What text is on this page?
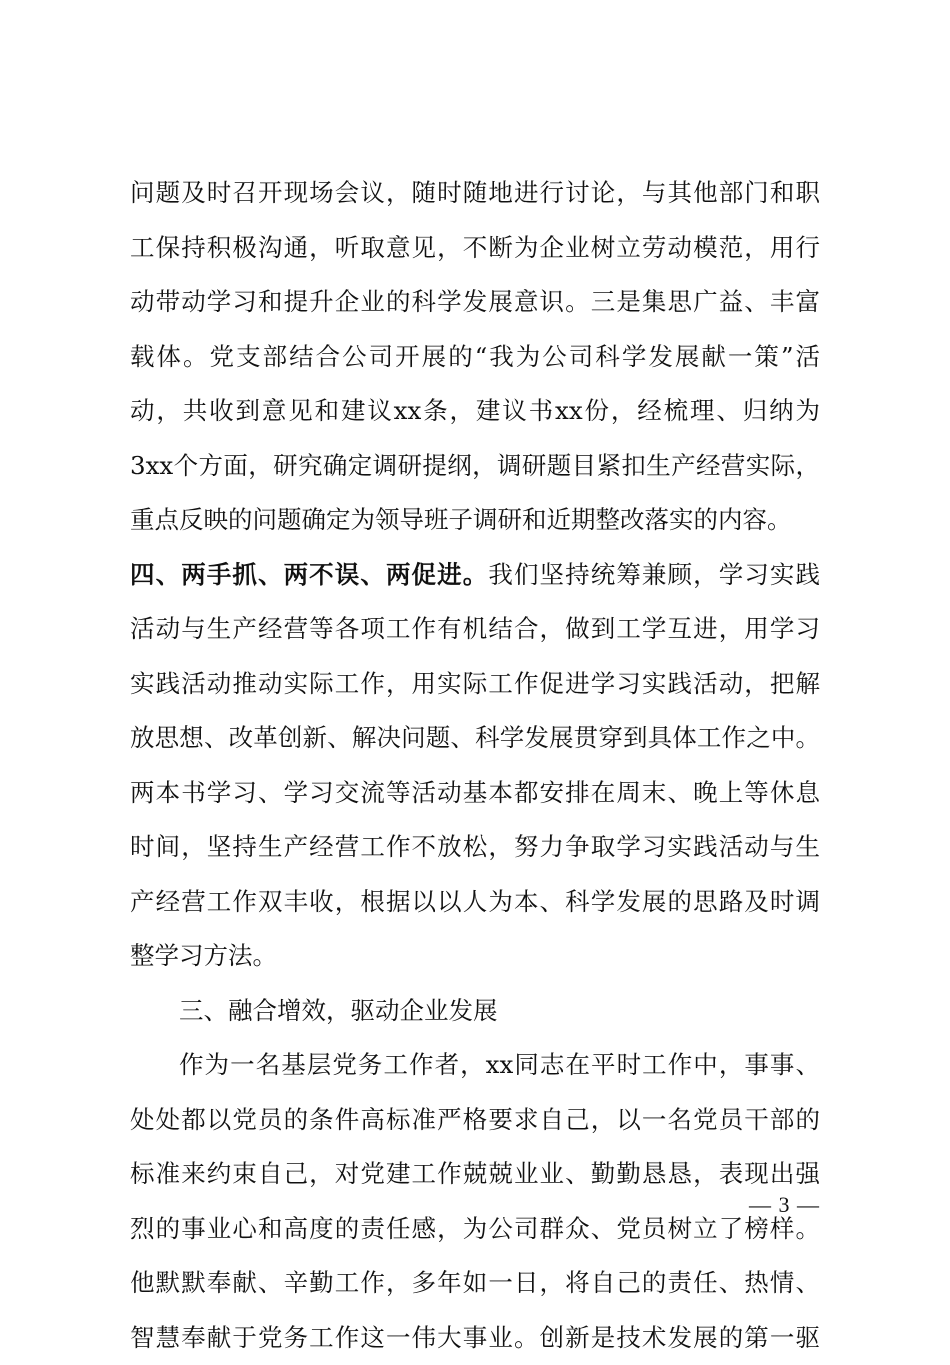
问题及时召开现场会议，随时随地进行讨论，与其他部门和职
工保持积极沟通，听取意见，不断为企业树立劳动模范，用行
动带动学习和提升企业的科学发展意识。三是集思广益、丰富
载体。党支部结合公司开展的“我为公司科学发展献一策”活
动，共收到意见和建议xx条，建议书xx份，经梳理、归纳为
3xx个方面，研究确定调研提纲，调研题目紧扣生产经营实际，
重点反映的问题确定为领导班子调研和近期整改落实的内容。
四、两手抓、两不误、两促进。我们坚持统筹兼顾，学习实践
活动与生产经营等各项工作有机结合，做到工学互进，用学习
实践活动推动实际工作，用实际工作促进学习实践活动，把解
放思想、改革创新、解决问题、科学发展贯穿到具体工作之中。
两本书学习、学习交流等活动基本都安排在周末、晚上等休息
时间，坚持生产经营工作不放松，努力争取学习实践活动与生
产经营工作双丰收，根据以以人为本、科学发展的思路及时调
整学习方法。
三、融合增效，驱动企业发展
作为一名基层党务工作者，xx同志在平时工作中，事事、
处处都以党员的条件高标准严格要求自己，以一名党员干部的
标准来约束自己，对党建工作兢兢业业、勤勤恳恳，表现出强
烈的事业心和高度的责任感，为公司群众、党员树立了榜样。
他默默奉献、辛勤工作，多年如一日，将自己的责任、热情、
智慧奉献于党务工作这一伟大事业。创新是技术发展的第一驱
— 3 —
